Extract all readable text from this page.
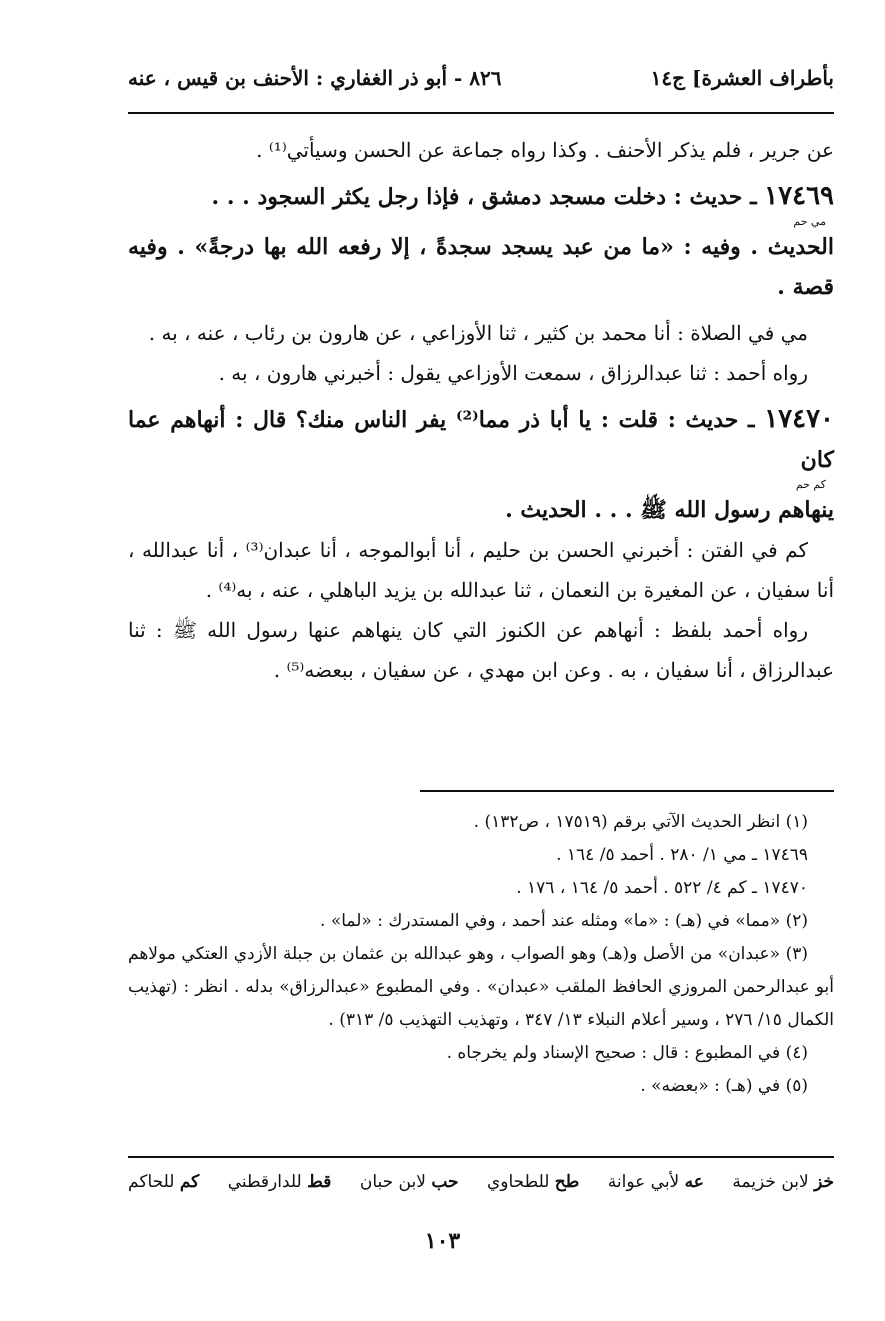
بأطراف العشرة] ج١٤
٨٢٦ - أبو ذر الغفاري : الأحنف بن قيس ، عنه

عن جرير ، فلم يذكر الأحنف . وكذا رواه جماعة عن الحسن وسيأتي⁽¹⁾ .

١٧٤٦٩ ـ حديث : دخلت مسجد دمشق ، فإذا رجل يكثر السجود . . .
مي حم
الحديث . وفيه : «ما من عبد يسجد سجدةً ، إلا رفعه الله بها درجةً» . وفيه قصة .

مي في الصلاة : أنا محمد بن كثير ، ثنا الأوزاعي ، عن هارون بن رئاب ، عنه ، به .

رواه أحمد : ثنا عبدالرزاق ، سمعت الأوزاعي يقول : أخبرني هارون ، به .

١٧٤٧٠ ـ حديث : قلت : يا أبا ذر مما⁽²⁾ يفر الناس منك؟ قال : أنهاهم عما كان
كم حم
ينهاهم رسول الله ﷺ . . . الحديث .

كم في الفتن : أخبرني الحسن بن حليم ، أنا أبوالموجه ، أنا عبدان⁽³⁾ ، أنا عبدالله ، أنا سفيان ، عن المغيرة بن النعمان ، ثنا عبدالله بن يزيد الباهلي ، عنه ، به⁽⁴⁾ .

رواه أحمد بلفظ : أنهاهم عن الكنوز التي كان ينهاهم عنها رسول الله ﷺ : ثنا عبدالرزاق ، أنا سفيان ، به . وعن ابن مهدي ، عن سفيان ، ببعضه⁽⁵⁾ .

(١) انظر الحديث الآتي برقم (١٧٥١٩ ، ص١٣٢) .

١٧٤٦٩ ـ مي ١/ ٢٨٠ . أحمد ٥/ ١٦٤ .

١٧٤٧٠ ـ كم ٤/ ٥٢٢ . أحمد ٥/ ١٦٤ ، ١٧٦ .

(٢) «مما» في (هـ) : «ما» ومثله عند أحمد ، وفي المستدرك : «لما» .

(٣) «عبدان» من الأصل و(هـ) وهو الصواب ، وهو عبدالله بن عثمان بن جبلة الأزدي العتكي مولاهم أبو عبدالرحمن المروزي الحافظ الملقب «عبدان» . وفي المطبوع «عبدالرزاق» بدله . انظر : (تهذيب الكمال ١٥/ ٢٧٦ ، وسير أعلام النبلاء ١٣/ ٣٤٧ ، وتهذيب التهذيب ٥/ ٣١٣) .

(٤) في المطبوع : قال : صحيح الإسناد ولم يخرجاه .

(٥) في (هـ) : «بعضه» .

خز لابن خزيمة
عه لأبي عوانة
طح للطحاوي
حب لابن حبان
قط للدارقطني
كم للحاكم
١٠٣
